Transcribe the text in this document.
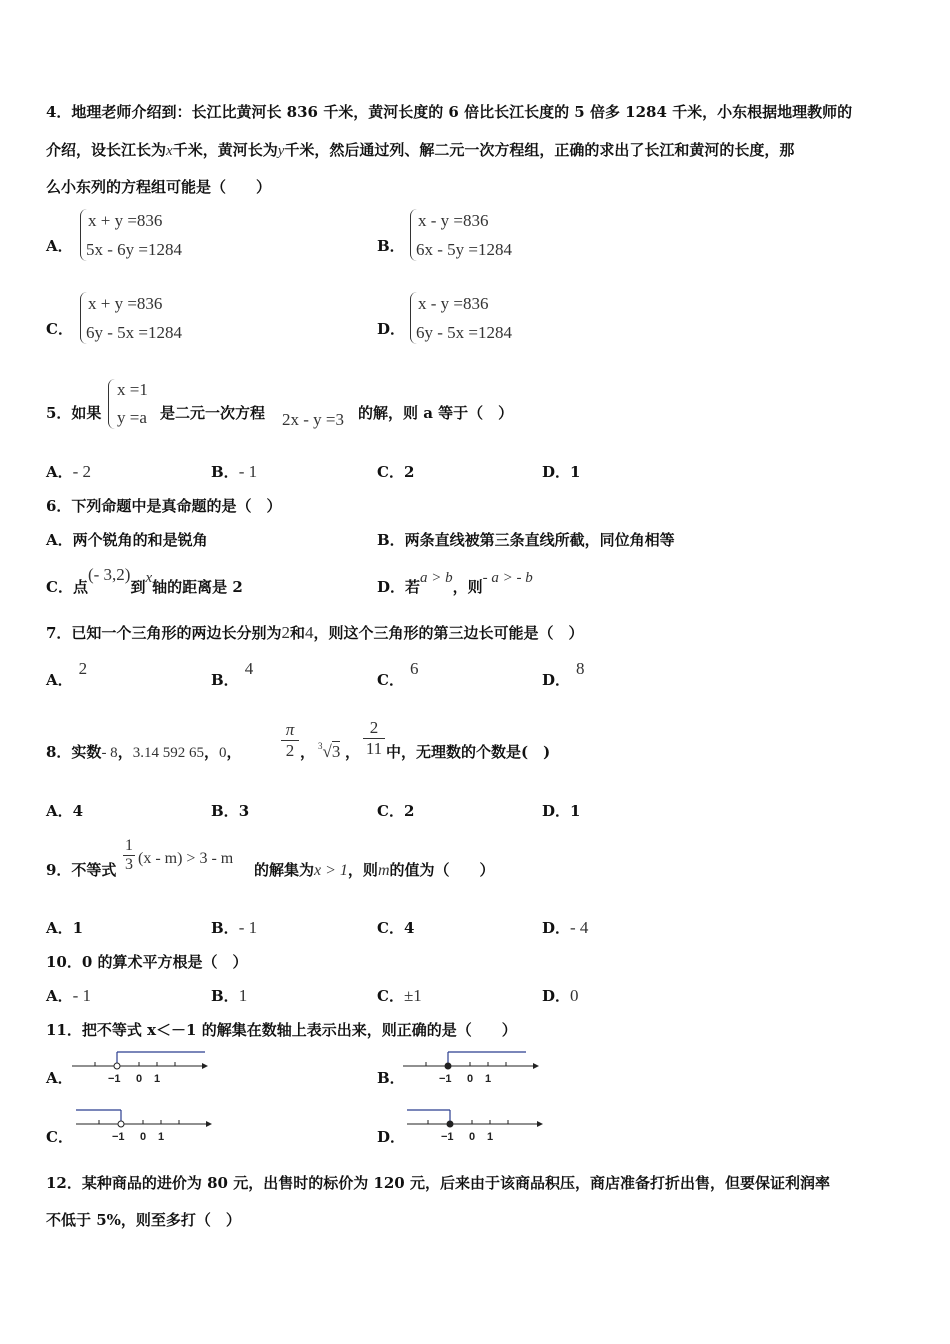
4．地理老师介绍到：长江比黄河长 836 千米，黄河长度的 6 倍比长江长度的 5 倍多 1284 千米，小东根据地理教师的
介绍，设长江长为x千米，黄河长为y千米，然后通过列、解二元一次方程组，正确的求出了长江和黄河的长度，那
么小东列的方程组可能是（　　）
A．
x + y =836
5x - 6y =1284	B．
x - y =836
6x - 5y =1284
C．
x + y =836
6y - 5x =1284	D．
x - y =836
6y - 5x =1284
5．如果
x =1
y =a 是二元一次方程 2x - y =3 的解，则 a 等于（　）
A．- 2	B．- 1	C．2	D．1
6．下列命题中是真命题的是（　）
A．两个锐角的和是锐角	B．两条直线被第三条直线所截，同位角相等
C．点(- 3,2)到x轴的距离是 2	D．若a > b，则- a > - b
7．已知一个三角形的两边长分别为2和4，则这个三角形的第三边长可能是（　）
A．2
B．4
C．6
D．8
8．实数- 8，3.14 592 65，0， $\frac{\pi}{2}$ ， $^3$√3 ， $\frac{2}{11}$ 中，无理数的个数是(　)
A．4	B．3	C．2	D．1
9．不等式 $\frac{1}{3} (x - m) > 3 - m$
的解集为x > 1，则m的值为（　　）
A．1	B．- 1	C．4	D．- 4
10．0 的算术平方根是（　）
A．- 1	B．1	C．±1	D．0
11．把不等式 x＜－1 的解集在数轴上表示出来，则正确的是（　　）
A．	B．
C．	D．
−1 0 1	−1 0 1
−1 0 1	−1 0 1
12．某种商品的进价为 80 元，出售时的标价为 120 元，后来由于该商品积压，商店准备打折出售，但要保证利润率
不低于 5%，则至多打（　）
